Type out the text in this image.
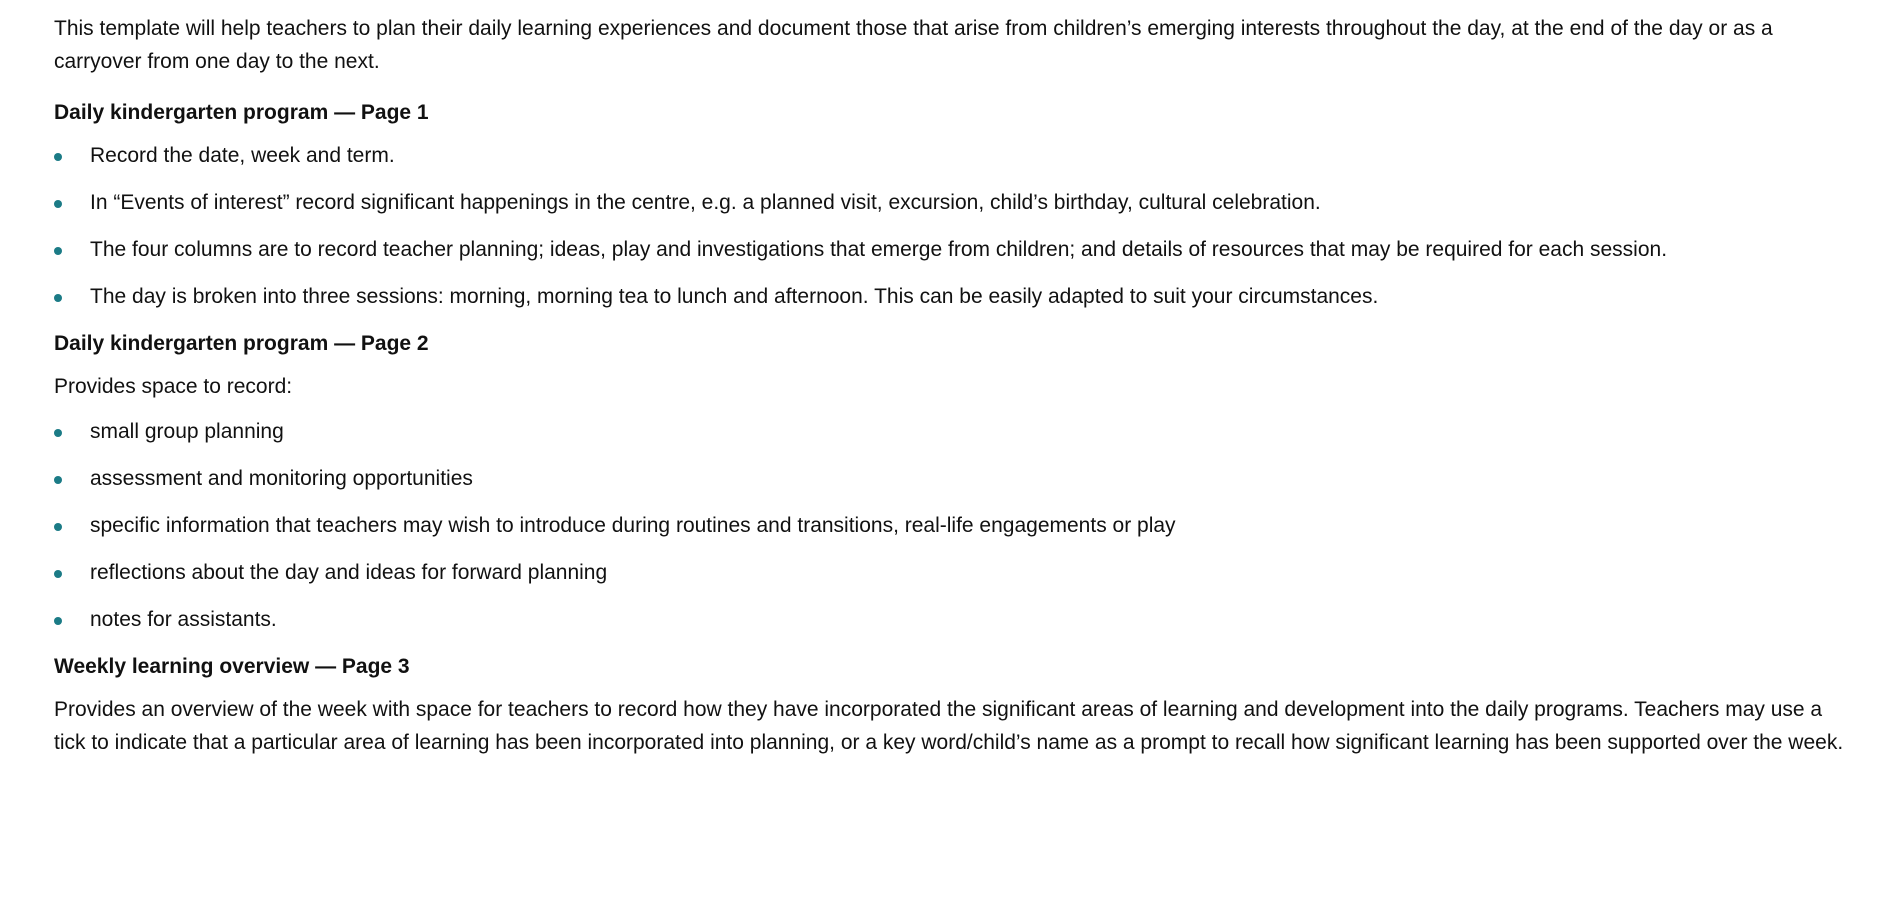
This template will help teachers to plan their daily learning experiences and document those that arise from children’s emerging interests throughout the day, at the end of the day or as a carryover from one day to the next.

Daily kindergarten program — Page 1
Record the date, week and term.
In “Events of interest” record significant happenings in the centre, e.g. a planned visit, excursion, child’s birthday, cultural celebration.
The four columns are to record teacher planning; ideas, play and investigations that emerge from children; and details of resources that may be required for each session.
The day is broken into three sessions: morning, morning tea to lunch and afternoon. This can be easily adapted to suit your circumstances.
Daily kindergarten program — Page 2

Provides space to record:

small group planning
assessment and monitoring opportunities
specific information that teachers may wish to introduce during routines and transitions, real-life engagements or play
reflections about the day and ideas for forward planning
notes for assistants.
Weekly learning overview — Page 3

Provides an overview of the week with space for teachers to record how they have incorporated the significant areas of learning and development into the daily programs. Teachers may use a tick to indicate that a particular area of learning has been incorporated into planning, or a key word/child’s name as a prompt to recall how significant learning has been supported over the week.
